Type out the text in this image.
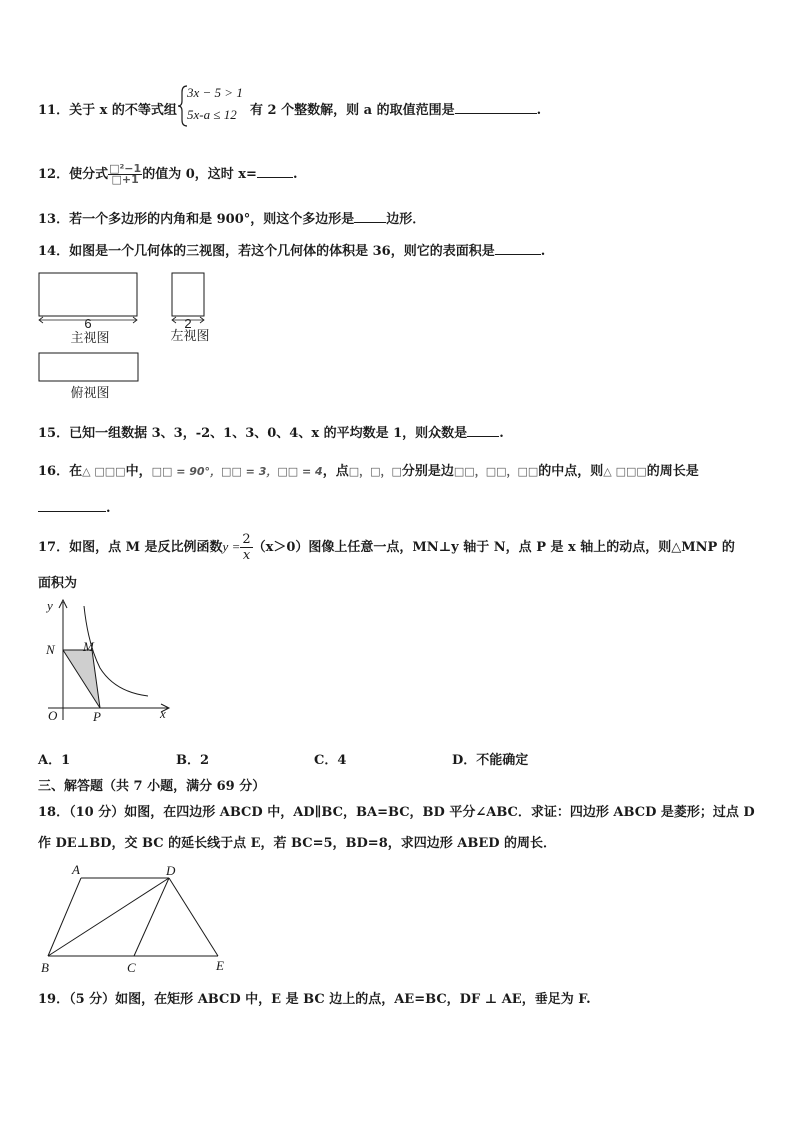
11．关于 x 的不等式组
3x − 5 > 1
5x-a ≤ 12 有 2 个整数解，则 a 的取值范围是	.
12．使分式 $\frac{\text{□²−1}}{□+1}$ 的值为 0，这时 x=	.
13．若一个多边形的内角和是 900°，则这个多边形是 边形．
14．如图是一个几何体的三视图，若这个几何体的体积是 36，则它的表面积是	.
6
主视图
2
左视图
俯视图
15．已知一组数据 3、3，-2、1、3、0、4、x 的平均数是 1，则众数是 .
16．在△ □□□中，□□ = 90°，□□ = 3，□□ = 4，点□，□，□分别是边□□，□□，□□的中点，则△ □□□的周长是
.
17．如图，点 M 是反比例函数$y = \frac{2}{x} (x>0)$图像上任意一点，MN⊥y 轴于 N，点 P 是 x 轴上的动点，则△MNP 的
面积为
y
x
O
N M
P
A．1	B．2	C．4	D．不能确定
三、解答题（共 7 小题，满分 69 分）
18．（10 分）如图，在四边形 ABCD 中，AD∥BC，BA=BC，BD 平分∠ABC．求证：四边形 ABCD 是菱形；过点 D
作 DE⊥BD，交 BC 的延长线于点 E，若 BC=5，BD=8，求四边形 ABED 的周长．
A	D
B	C	E
19．（5 分）如图，在矩形 ABCD 中，E 是 BC 边上的点，AE=BC，DF ⊥ AE，垂足为 F.
